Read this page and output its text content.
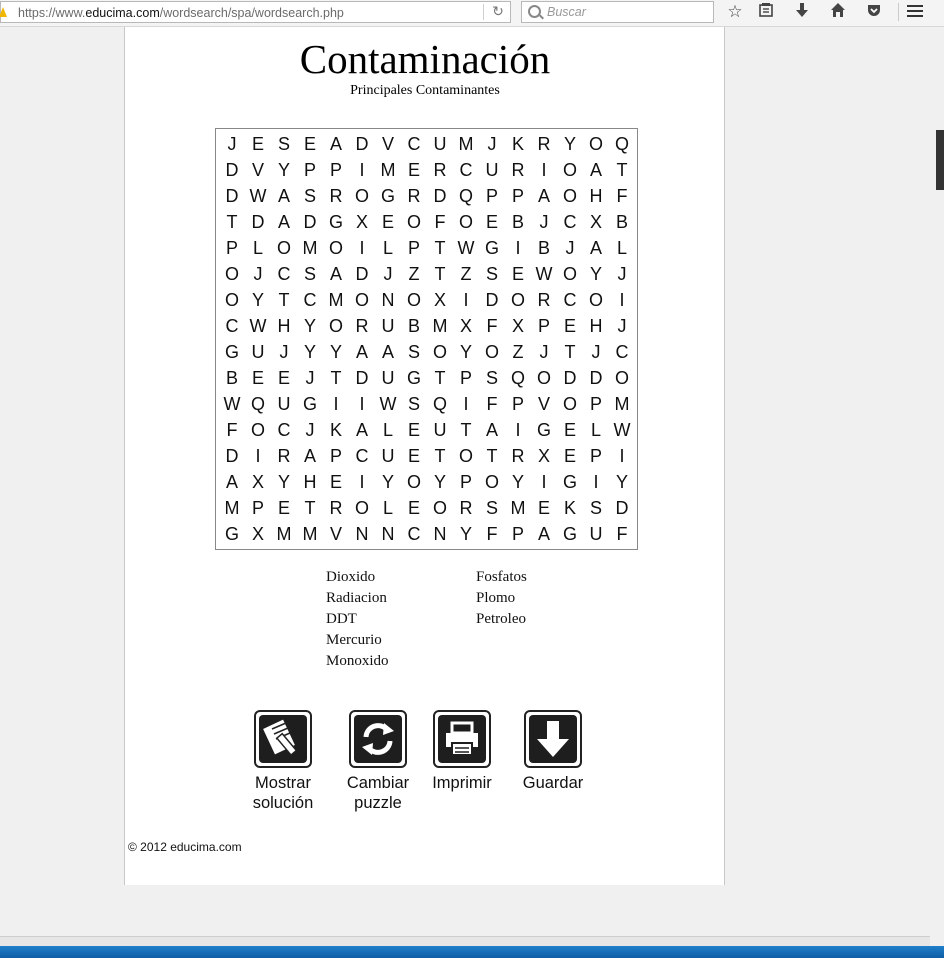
https://www.educima.com/wordsearch/spa/wordsearch.php	↻	Buscar	☆
Contaminación
Principales Contaminantes
J E S E A D V C U M J K R Y O Q
D V Y P P I M E R C U R I O A T
D W A S R O G R D Q P P A O H F
T D A D G X E O F O E B J C X B
P L O M O I	L P T W G I B J A L
O J C S A D J Z T Z S E W O Y J
O Y T C M O N O X I D O R C O I
C W H Y O R U B M X F X P E H J
G U J Y Y A A S O Y O Z J T J C
B E E J T D U G T P S Q O D D O
W Q U G I	I W S Q I	F P V O P M
F O C J K A L E U T A I G E L W
D I R A P C U E T O T R X E P I
A X Y H E I Y O Y P O Y I G I Y
M P E T R O L E O R S M E K S D
G X M M V N N C N Y F P A G U F
Dioxido
Radiacion
DDT
Mercurio
Monoxido
Fosfatos
Plomo
Petroleo
Mostrar
solución
Cambiar
puzzle
Imprimir Guardar
© 2012 educima.com
